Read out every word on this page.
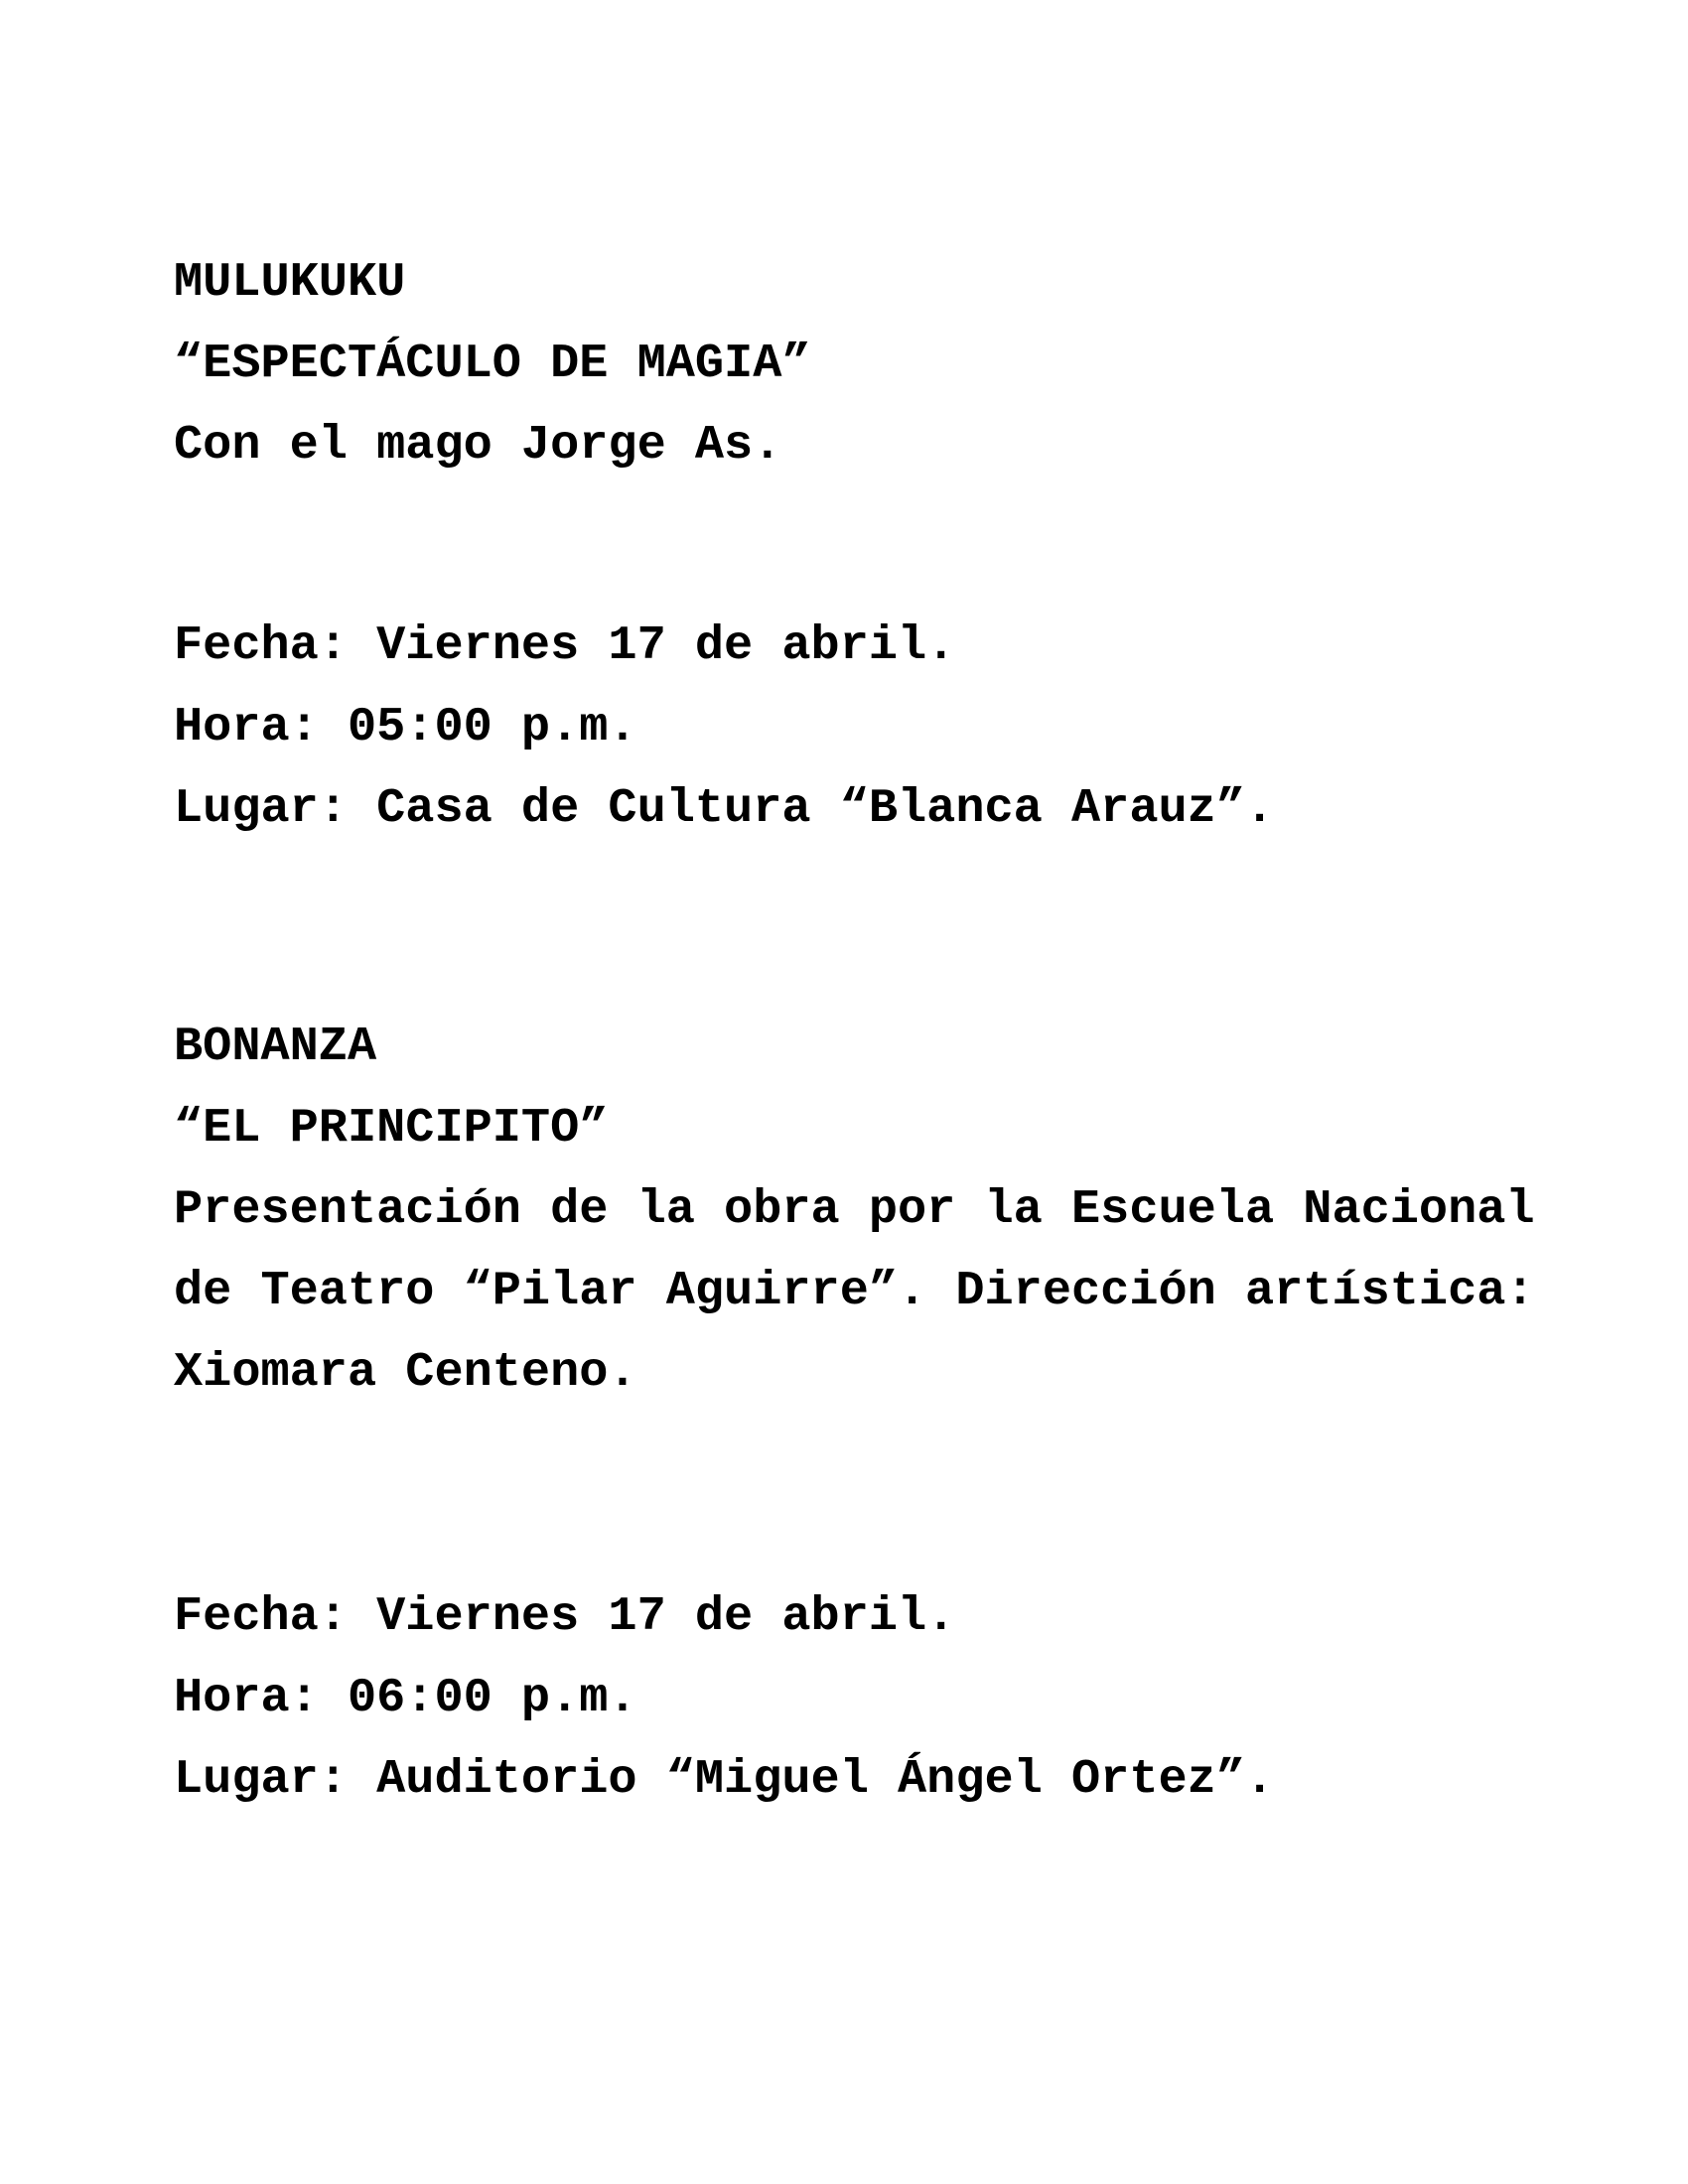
MULUKUKU
“ESPECTÁCULO DE MAGIA”
Con el mago Jorge As.
Fecha: Viernes 17 de abril.
Hora: 05:00 p.m.
Lugar: Casa de Cultura “Blanca Arauz”.
BONANZA
“EL PRINCIPITO”
Presentación de la obra por la Escuela Nacional
de Teatro “Pilar Aguirre”. Dirección artística:
Xiomara Centeno.
Fecha: Viernes 17 de abril.
Hora: 06:00 p.m.
Lugar: Auditorio “Miguel Ángel Ortez”.
